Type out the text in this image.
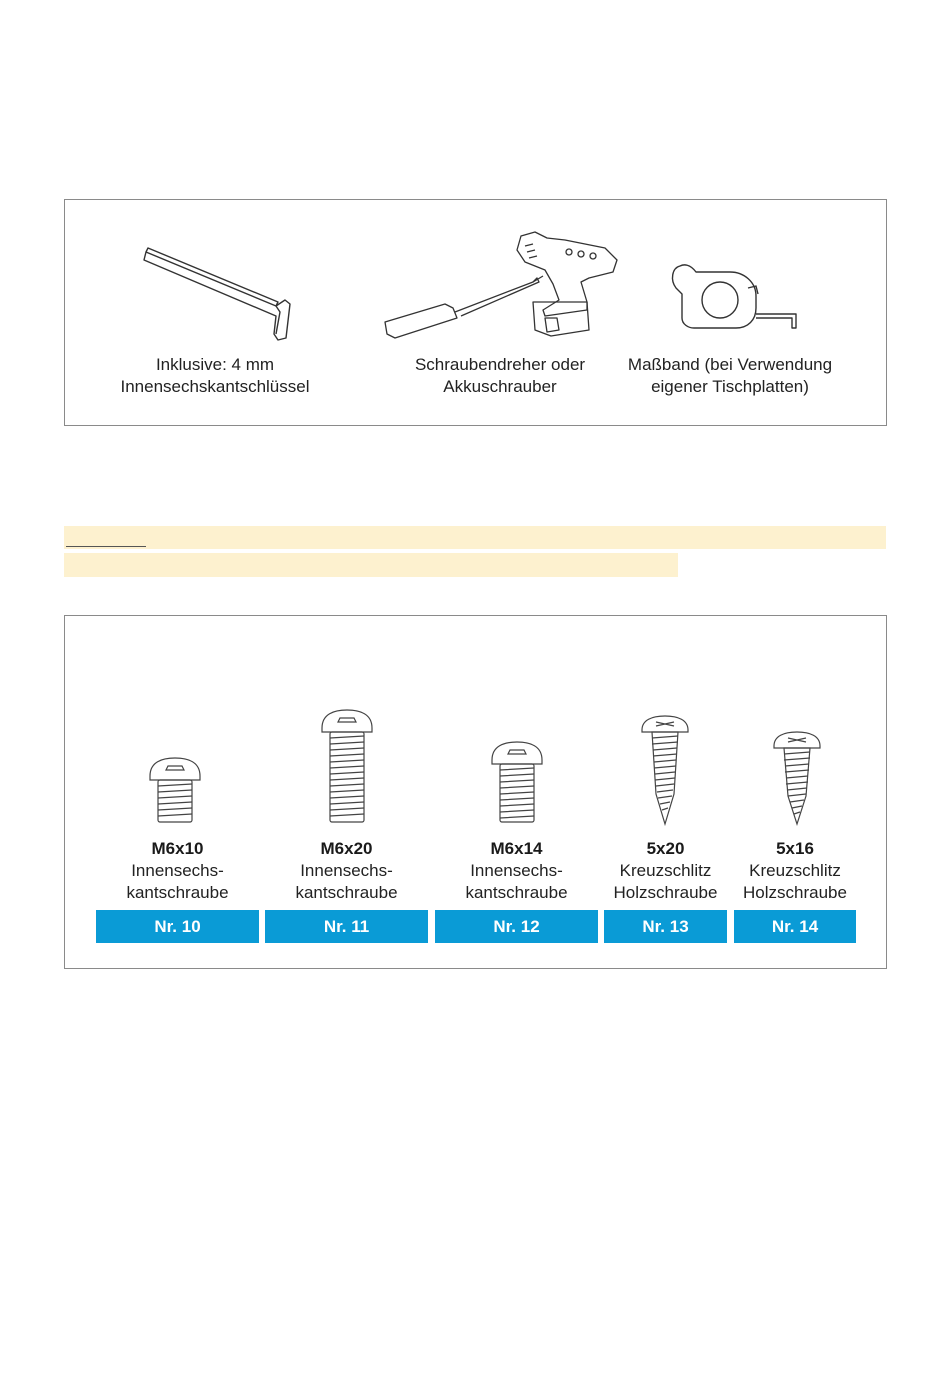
Inklusive: 4 mm
Innensechskantschlüssel
Schraubendreher oder
Akkuschrauber
Maßband (bei Verwendung
eigener Tischplatten)
M6x10
Innensechs-
kantschraube
M6x20
Innensechs-
kantschraube
M6x14
Innensechs-
kantschraube
5x20
Kreuzschlitz
Holzschraube
5x16
Kreuzschlitz
Holzschraube
Nr. 10	Nr. 11	Nr. 12	Nr. 13	Nr. 14
